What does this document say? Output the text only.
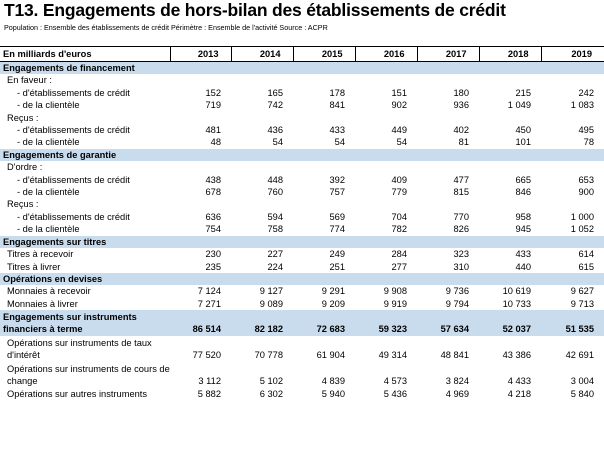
T13. Engagements de hors-bilan des établissements de crédit
Population : Ensemble des établissements de crédit Périmètre : Ensemble de l'activité Source : ACPR
En milliards d'euros	2013	2014	2015	2016	2017	2018	2019
Engagements de financement							
En faveur :							
- d'établissements de crédit	152	165	178	151	180	215	242
- de la clientèle	719	742	841	902	936	1 049	1 083
Reçus :							
- d'établissements de crédit	481	436	433	449	402	450	495
- de la clientèle	48	54	54	54	81	101	78
Engagements de garantie							
D'ordre :							
- d'établissements de crédit	438	448	392	409	477	665	653
- de la clientèle	678	760	757	779	815	846	900
Reçus :							
- d'établissements de crédit	636	594	569	704	770	958	1 000
- de la clientèle	754	758	774	782	826	945	1 052
Engagements sur titres							
Titres à recevoir	230	227	249	284	323	433	614
Titres à livrer	235	224	251	277	310	440	615
Opérations en devises							
Monnaies à recevoir	7 124	9 127	9 291	9 908	9 736	10 619	9 627
Monnaies à livrer	7 271	9 089	9 209	9 919	9 794	10 733	9 713
Engagements sur instruments financiers à terme	86 514	82 182	72 683	59 323	57 634	52 037	51 535
Opérations sur instruments de taux d'intérêt	77 520	70 778	61 904	49 314	48 841	43 386	42 691
Opérations sur instruments de cours de change	3 112	5 102	4 839	4 573	3 824	4 433	3 004
Opérations sur autres instruments	5 882	6 302	5 940	5 436	4 969	4 218	5 840
